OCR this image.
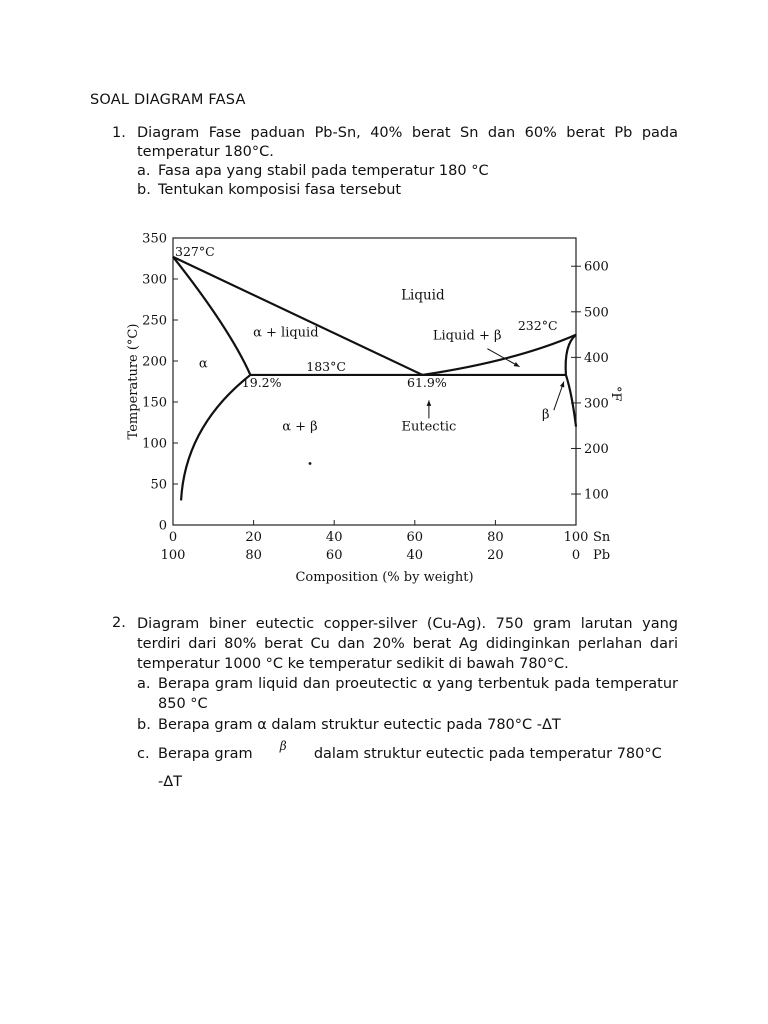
SOAL DIAGRAM FASA
1. Diagram Fase paduan Pb-Sn, 40% berat Sn dan 60% berat Pb pada temperatur 180°C.
a. Fasa apa yang stabil pada temperatur 180 °C
b. Tentukan komposisi fasa tersebut
0
50
100
150
200
250
300
350
Temperature (°C)
100
200
300
400
500
600
°F
0
100
20
80
40
60
60
40
80
20
100
0
Sn
Pb
Composition (% by weight)
327°C
232°C
183°C
19.2%	61.9%
Liquid
α + liquid	Liquid + β
α
α + β	Eutectic
β
2. Diagram biner eutectic copper-silver (Cu-Ag). 750 gram larutan yang terdiri dari 80% berat Cu dan 20% berat Ag didinginkan perlahan dari temperatur 1000 °C ke temperatur sedikit di bawah 780°C.
a. Berapa gram liquid dan proeutectic α yang terbentuk pada temperatur 850 °C
b. Berapa gram α dalam struktur eutectic pada 780°C -ΔT
c. Berapa gram $^\beta$ dalam struktur eutectic pada temperatur 780°C -ΔT
